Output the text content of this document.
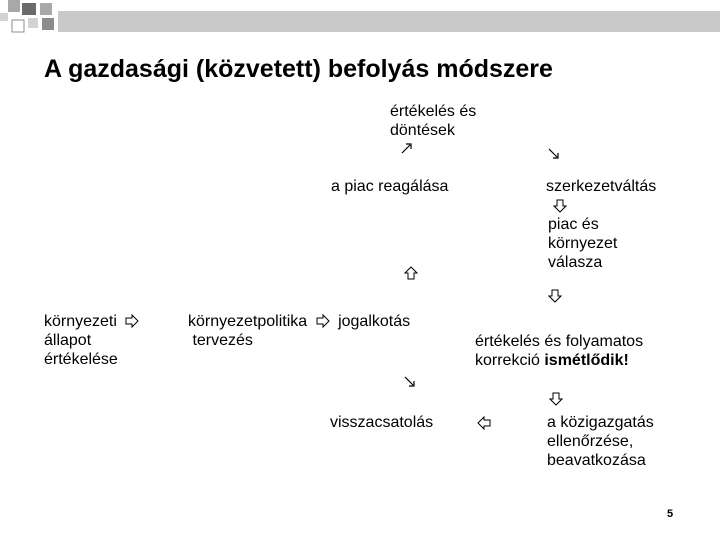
A gazdasági (közvetett) befolyás módszere
értékelés és
döntések
a piac reagálása	szerkezetváltás
piac és
környezet
válasza
környezeti
állapot
értékelése
környezetpolitika jogalkotás
tervezés	értékelés és folyamatos
korrekció ismétlődik!
visszacsatolás	a közigazgatás
ellenőrzése,
beavatkozása
5
